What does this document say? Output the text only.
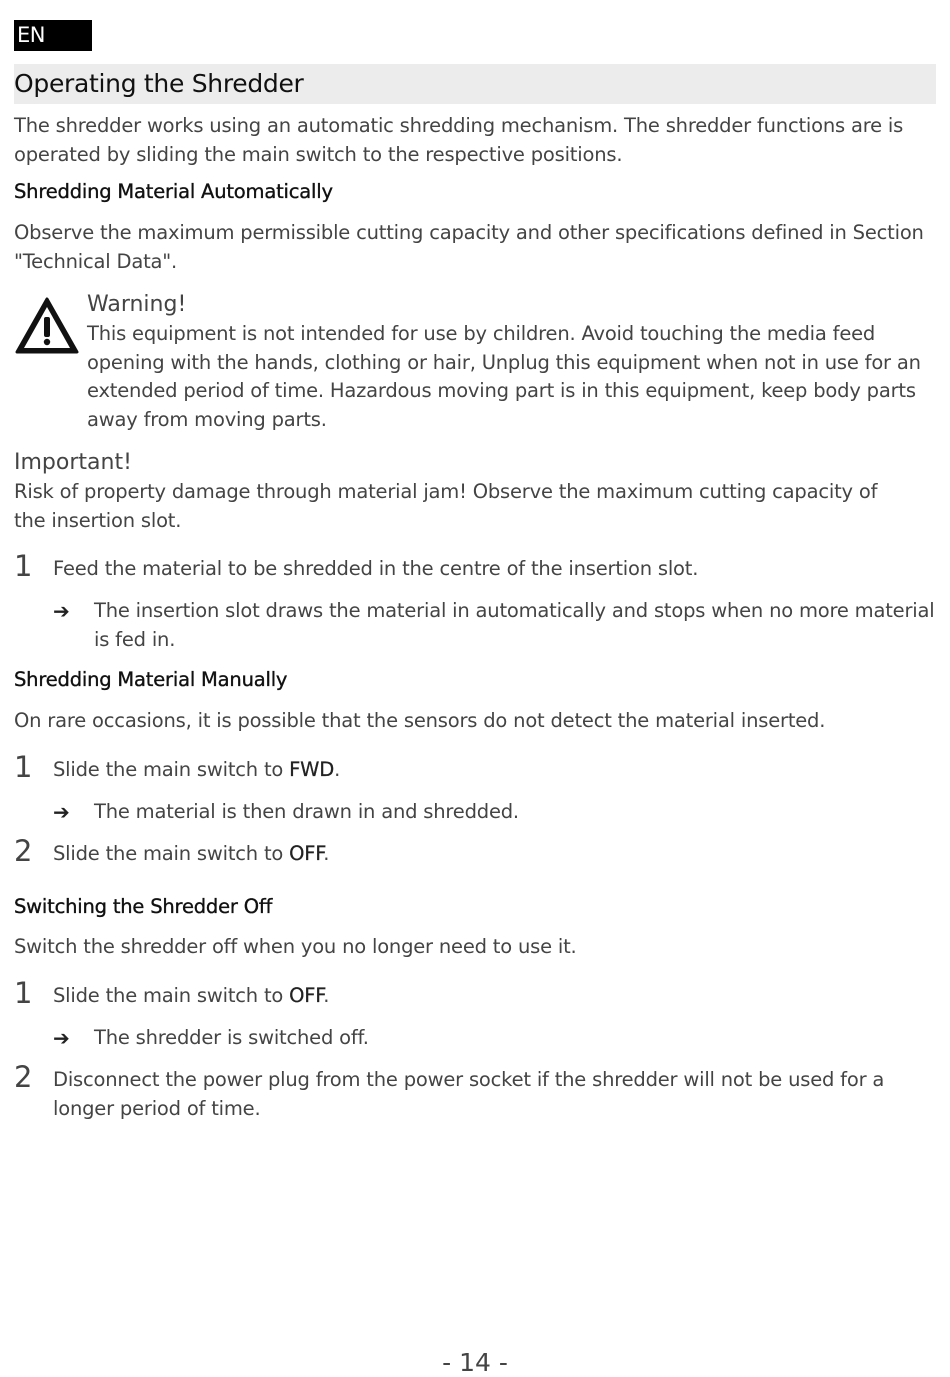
EN
Operating the Shredder

The shredder works using an automatic shredding mechanism. The shredder functions are is operated by sliding the main switch to the respective positions.

Shredding Material Automatically

Observe the maximum permissible cutting capacity and other specifications defined in Section "Technical Data".

Warning!

This equipment is not intended for use by children. Avoid touching the media feed opening with the hands, clothing or hair, Unplug this equipment when not in use for an extended period of time. Hazardous moving part is in this equipment, keep body parts away from moving parts.

Important!

Risk of property damage through material jam! Observe the maximum cutting capacity of the insertion slot.

1 Feed the material to be shredded in the centre of the insertion slot.
➔ The insertion slot draws the material in automatically and stops when no more material is fed in.
Shredding Material Manually

On rare occasions, it is possible that the sensors do not detect the material inserted.

1 Slide the main switch to FWD.
➔ The material is then drawn in and shredded.
2 Slide the main switch to OFF.
Switching the Shredder Off

Switch the shredder off when you no longer need to use it.

1 Slide the main switch to OFF.
➔ The shredder is switched off.
2 Disconnect the power plug from the power socket if the shredder will not be used for a longer period of time.
- 14 -
